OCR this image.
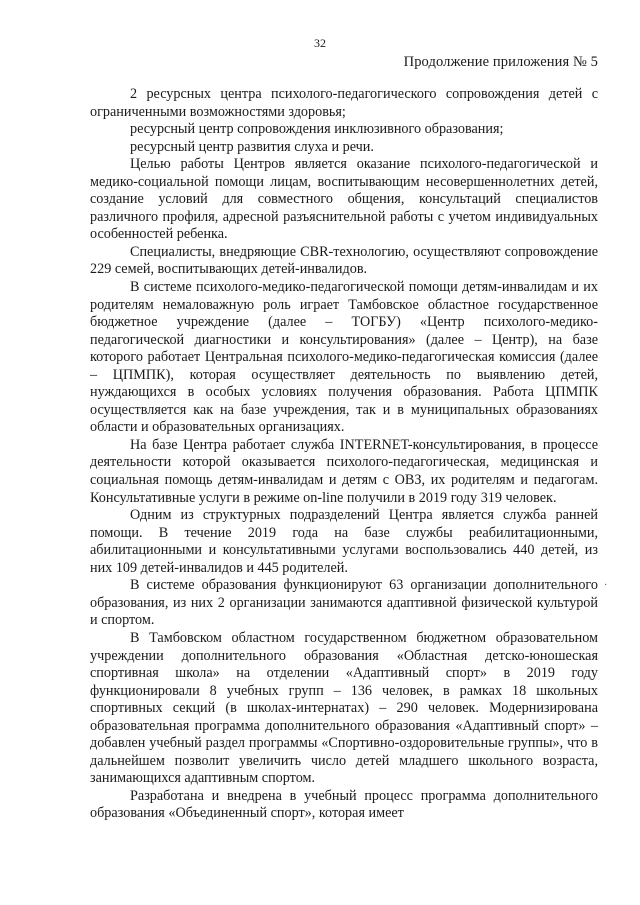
32
Продолжение приложения № 5

2 ресурсных центра психолого-педагогического сопровождения детей с ограниченными возможностями здоровья;

ресурсный центр сопровождения инклюзивного образования;

ресурсный центр развития слуха и речи.

Целью работы Центров является оказание психолого-педагогической и медико-социальной помощи лицам, воспитывающим несовершеннолетних детей, создание условий для совместного общения, консультаций специалистов различного профиля, адресной разъяснительной работы с учетом индивидуальных особенностей ребенка.

Специалисты, внедряющие CBR-технологию, осуществляют сопровождение 229 семей, воспитывающих детей-инвалидов.

В системе психолого-медико-педагогической помощи детям-инвалидам и их родителям немаловажную роль играет Тамбовское областное государственное бюджетное учреждение (далее – ТОГБУ) «Центр психолого-медико-педагогической диагностики и консультирования» (далее – Центр), на базе которого работает Центральная психолого-медико-педагогическая комиссия (далее – ЦПМПК), которая осуществляет деятельность по выявлению детей, нуждающихся в особых условиях получения образования. Работа ЦПМПК осуществляется как на базе учреждения, так и в муниципальных образованиях области и образовательных организациях.

На базе Центра работает служба INTERNET-консультирования, в процессе деятельности которой оказывается психолого-педагогическая, медицинская и социальная помощь детям-инвалидам и детям с ОВЗ, их родителям и педагогам. Консультативные услуги в режиме on-line получили в 2019 году 319 человек.

Одним из структурных подразделений Центра является служба ранней помощи. В течение 2019 года на базе службы реабилитационными, абилитационными и консультативными услугами воспользовались 440 детей, из них 109 детей-инвалидов и 445 родителей.

В системе образования функционируют 63 организации дополнительного образования, из них 2 организации занимаются адаптивной физической культурой и спортом.

В Тамбовском областном государственном бюджетном образовательном учреждении дополнительного образования «Областная детско-юношеская спортивная школа» на отделении «Адаптивный спорт» в 2019 году функционировали 8 учебных групп – 136 человек, в рамках 18 школьных спортивных секций (в школах-интернатах) – 290 человек. Модернизирована образовательная программа дополнительного образования «Адаптивный спорт» – добавлен учебный раздел программы «Спортивно-оздоровительные группы», что в дальнейшем позволит увеличить число детей младшего школьного возраста, занимающихся адаптивным спортом.

Разработана и внедрена в учебный процесс программа дополнительного образования «Объединенный спорт», которая имеет

·
